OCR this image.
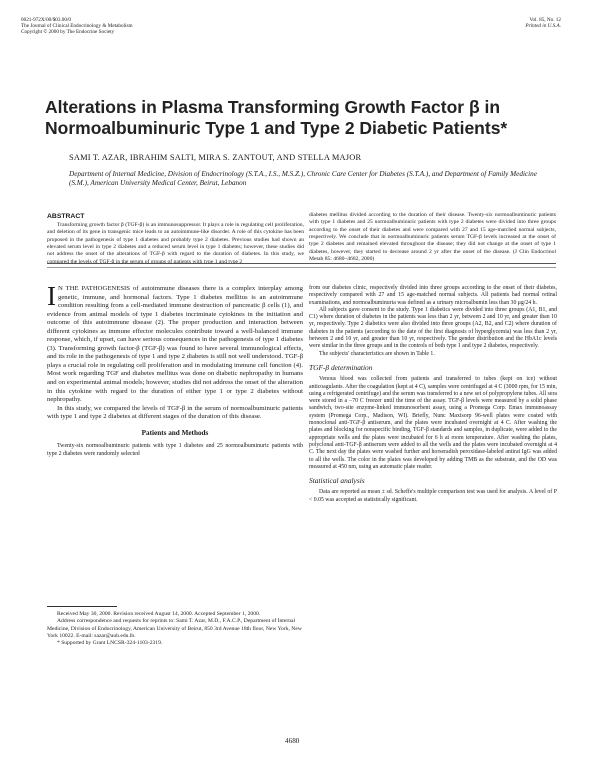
0021-972X/00/$03.00/0
The Journal of Clinical Endocrinology & Metabolism
Copyright © 2000 by The Endocrine Society
Vol. 85, No. 12
Printed in U.S.A.
Alterations in Plasma Transforming Growth Factor β in Normoalbuminuric Type 1 and Type 2 Diabetic Patients*
SAMI T. AZAR, IBRAHIM SALTI, MIRA S. ZANTOUT, AND STELLA MAJOR
Department of Internal Medicine, Division of Endocrinology (S.T.A., I.S., M.S.Z.), Chronic Care Center for Diabetes (S.T.A.), and Department of Family Medicine (S.M.), American University Medical Center, Beirut, Lebanon
ABSTRACT

Transforming growth factor β (TGF-β) is an immunosuppressor. It plays a role in regulating cell proliferation, and deletion of its gene in transgenic mice leads to an autoimmune-like disorder. A role of this cytokine has been proposed in the pathogenesis of type 1 diabetes and probably type 2 diabetes. Previous studies had shown an elevated serum level in type 2 diabetes and a reduced serum level in type 1 diabetes; however, these studies did not address the onset of the alterations of TGF-β with regard to the duration of diabetes. In this study, we compared the levels of TGF-β in the serum of groups of patients with type 1 and type 2

diabetes mellitus divided according to the duration of their disease. Twenty-six normoalbuminuric patients with type 1 diabetes and 25 normoalbuminuric patients with type 2 diabetes were divided into three groups according to the onset of their diabetes and were compared with 27 and 15 age-matched normal subjects, respectively. We conclude that in normoalbuminuric patients serum TGF-β levels increased at the onset of type 2 diabetes and remained elevated throughout the disease; they did not change at the onset of type 1 diabetes, however, they started to decrease around 2 yr after the onset of the disease. (J Clin Endocrinol Metab 85: 4680–4682, 2000)

I N THE PATHOGENESIS of autoimmune diseases there is a complex interplay among genetic, immune, and hormonal factors. Type 1 diabetes mellitus is an autoimmune condition resulting from a cell-mediated immune destruction of pancreatic β cells (1), and evidence from animal models of type 1 diabetes incriminate cytokines in the initiation and outcome of this autoimmune disease (2). The proper production and interaction between different cytokines as immune effector molecules contribute toward a well-balanced immune response, which, if upset, can have serious consequences in the pathogenesis of type 1 diabetes (3). Transforming growth factor-β (TGF-β) was found to have several immunological effects, and its role in the pathogenesis of type 1 and type 2 diabetes is still not well understood. TGF-β plays a crucial role in regulating cell proliferation and in modulating immune cell function (4). Most work regarding TGF and diabetes mellitus was done on diabetic nephropathy in humans and on experimental animal models; however, studies did not address the onset of the alteration in this cytokine with regard to the duration of either type 1 or type 2 diabetes without nephropathy.

In this study, we compared the levels of TGF-β in the serum of normoalbuminuric patients with type 1 and type 2 diabetes at different stages of the duration of this disease.

Patients and Methods

Twenty-six normoalbuminuric patients with type 1 diabetes and 25 normoalbuminuric patients with type 2 diabetes were randomly selected

Received May 30, 2000. Revision received August 14, 2000. Accepted September 1, 2000.

Address correspondence and requests for reprints to: Sami T. Azar, M.D., F.A.C.P., Department of Internal Medicine, Division of Endocrinology, American University of Beirut, 850 3rd Avenue 18th floor, New York, New York 10022. E-mail: sazar@aub.edu.lb.

* Supported by Grant LNCSR-324-1103-2319.

from our diabetes clinic, respectively divided into three groups according to the onset of their diabetes, respectively compared with 27 and 15 age-matched normal subjects. All patients had normal retinal examinations, and normoalbuminuria was defined as a urinary microalbumin less than 30 μg/24 h.

All subjects gave consent to the study. Type 1 diabetics were divided into three groups (A1, B1, and C1) where duration of diabetes in the patients was less than 2 yr, between 2 and 10 yr, and greater than 10 yr, respectively. Type 2 diabetics were also divided into three groups (A2, B2, and C2) where duration of diabetes in the patients (according to the date of the first diagnosis of hyperglycemia) was less than 2 yr, between 2 and 10 yr, and greater than 10 yr, respectively. The gender distribution and the HbA1c levels were similar in the three groups and in the controls of both type 1 and type 2 diabetes, respectively.

The subjects' characteristics are shown in Table 1.

TGF-β determination

Venous blood was collected from patients and transferred to tubes (kept on ice) without anticoagulants. After the coagulation (kept at 4 C), samples were centrifuged at 4 C (3000 rpm, for 15 min, using a refrigerated centrifuge) and the serum was transferred to a new set of polypropylene tubes. All sera were stored in a −70 C freezer until the time of the assay. TGF-β levels were measured by a solid phase sandwich, two-site enzyme-linked immunosorbent assay, using a Promega Corp. Emax immunoassay system (Promega Corp., Madison, WI). Briefly, Nunc Maxisorp 96-well plates were coated with monoclonal anti-TGF-β antiserum, and the plates were incubated overnight at 4 C. After washing the plates and blocking for nonspecific binding, TGF-β standards and samples, in duplicate, were added to the appropriate wells and the plates were incubated for 6 h at room temperature. After washing the plates, polyclonal anti-TGF-β antiserum were added to all the wells and the plates were incubated overnight at 4 C. The next day the plates were washed further and horseradish peroxidase-labeled antirat IgG was added to all the wells. The color in the plates was developed by adding TMB as the substrate, and the OD was measured at 450 nm, using an automatic plate reader.

Statistical analysis

Data are reported as mean ± sd. Scheffe's multiple comparison test was used for analysis. A level of P < 0.05 was accepted as statistically significant.

4680
